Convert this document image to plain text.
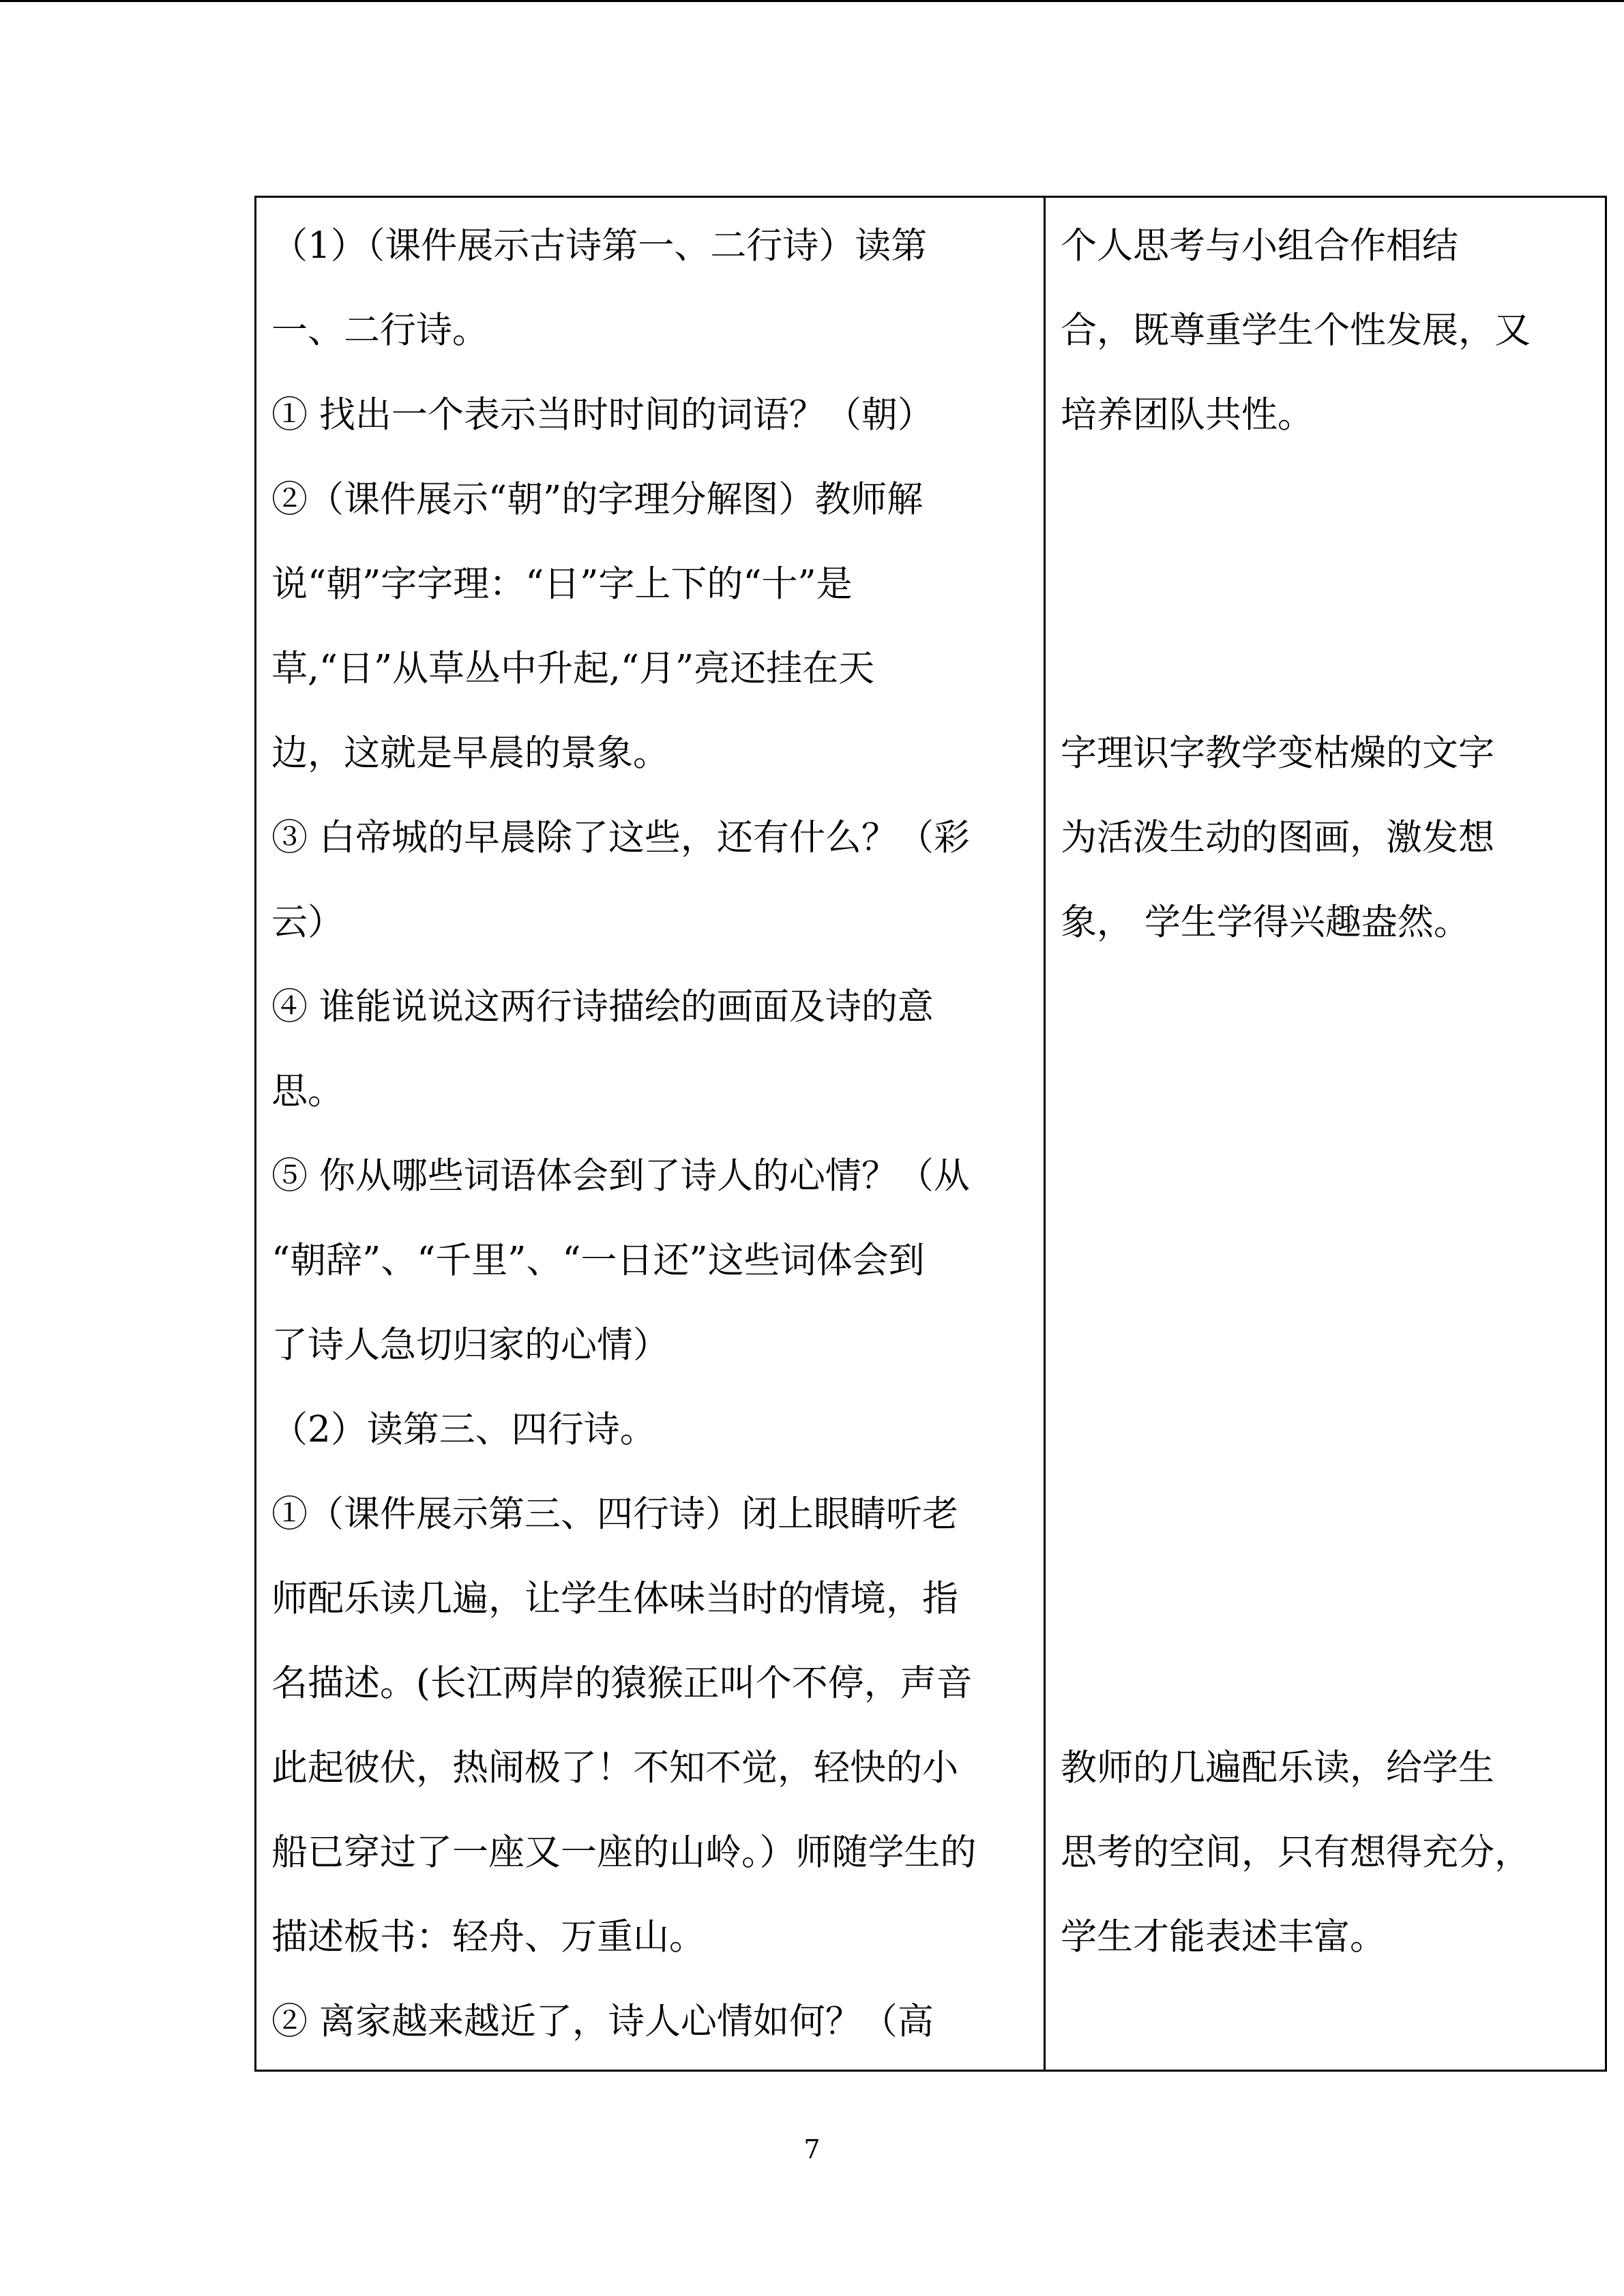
（1）（课件展示古诗第一、二行诗）读第
一、二行诗。
① 找出一个表示当时时间的词语？（朝）
②（课件展示“朝”的字理分解图）教师解
说“朝”字字理：“日”字上下的“十”是
草,“日”从草丛中升起,“月”亮还挂在天
边，这就是早晨的景象。
③ 白帝城的早晨除了这些，还有什么？（彩
云）
④ 谁能说说这两行诗描绘的画面及诗的意
思。
⑤ 你从哪些词语体会到了诗人的心情？（从
“朝辞”、“千里”、“一日还”这些词体会到
了诗人急切归家的心情）
（2）读第三、四行诗。
①（课件展示第三、四行诗）闭上眼睛听老
师配乐读几遍，让学生体味当时的情境，指
名描述。(长江两岸的猿猴正叫个不停，声音
此起彼伏，热闹极了！不知不觉，轻快的小
船已穿过了一座又一座的山岭。）师随学生的
描述板书：轻舟、万重山。
② 离家越来越近了，诗人心情如何？（高
个人思考与小组合作相结
合，既尊重学生个性发展，又
培养团队共性。
字理识字教学变枯燥的文字
为活泼生动的图画，激发想
象， 学生学得兴趣盎然。
教师的几遍配乐读，给学生
思考的空间，只有想得充分，
学生才能表述丰富。
7
